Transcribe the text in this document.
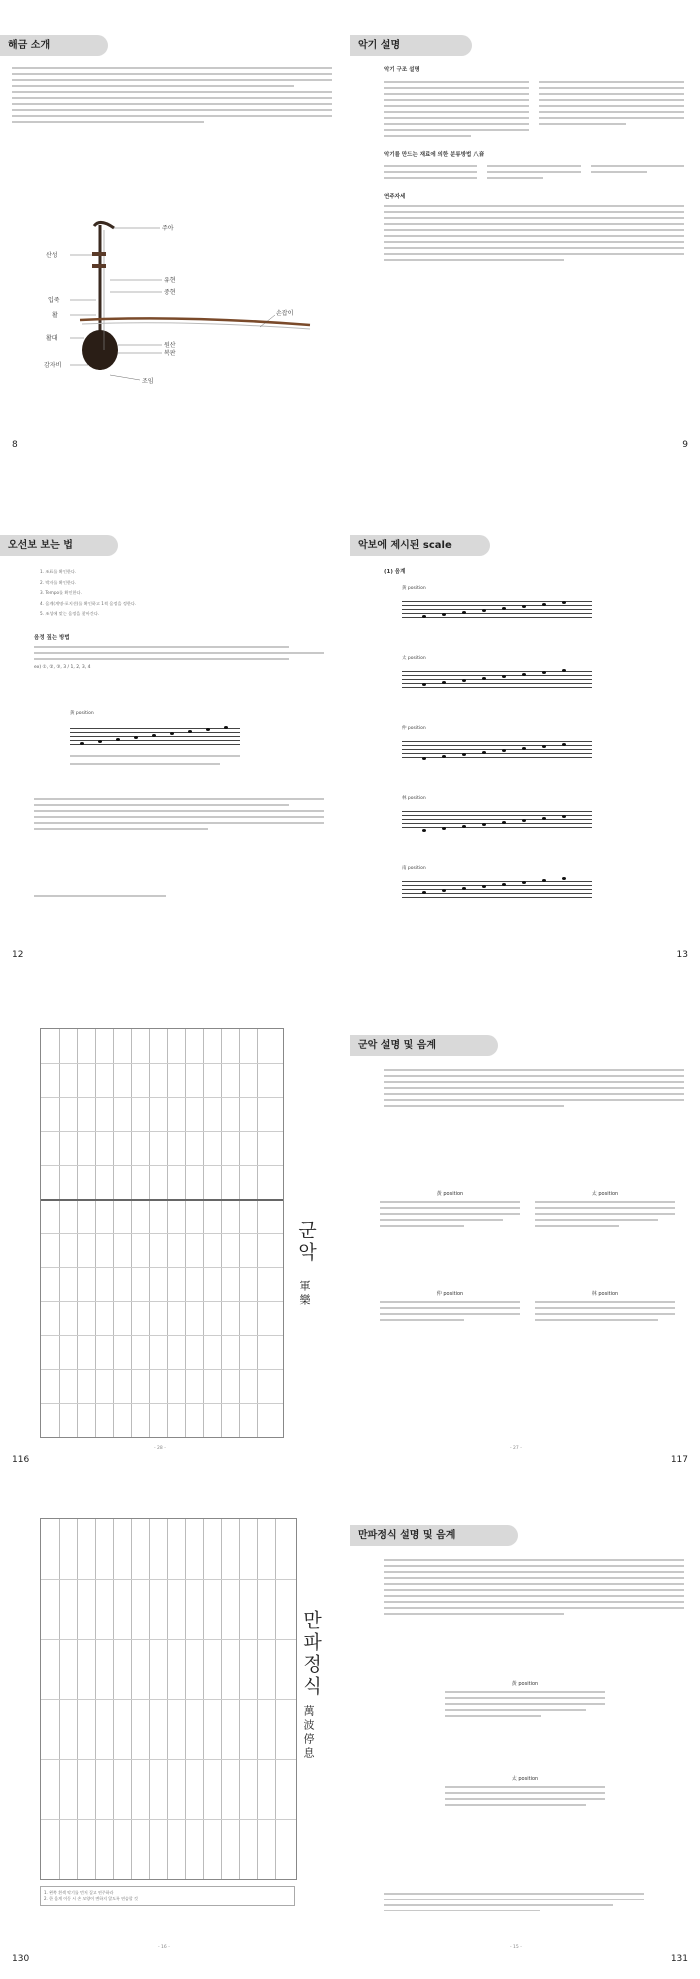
해금 소개
주아
산성
유현
중현
입죽
활
활대
원산
복판
감자비
조임
손잡이
8
악기 설명
악기 구조 설명
악기를 만드는 재료에 의한 분류방법 八音
연주자세
9
오선보 보는 법
1. 조표를 확인한다.
2. 박자를 확인한다.
3. Tempo를 확인한다.
4. 음계(계명-포지션)를 확인하고 1씩 음정을 정한다.
5. 조성에 맞는 음정을 찾아간다.
음정 짚는 방법
ex) ①, ②, ③, 3 / 1, 2, 3, 4
黃 position
12
악보에 제시된 scale
(1) 음계
黃 position
太 position
仲 position
林 position
南 position
13
군악
軍樂
- 28 -
116
군악 설명 및 음계
黃 position	太 position
仲 position	林 position
- 27 -
117
만파정식
萬波停息
1. 왼쪽 흰색 악기를 먼저 짚고 연주하라
2. 한 음계 이동 시 손 모양이 변하지 않도록 연습할 것
- 16 -
130
만파정식 설명 및 음계
黃 position
太 position
- 15 -
131
